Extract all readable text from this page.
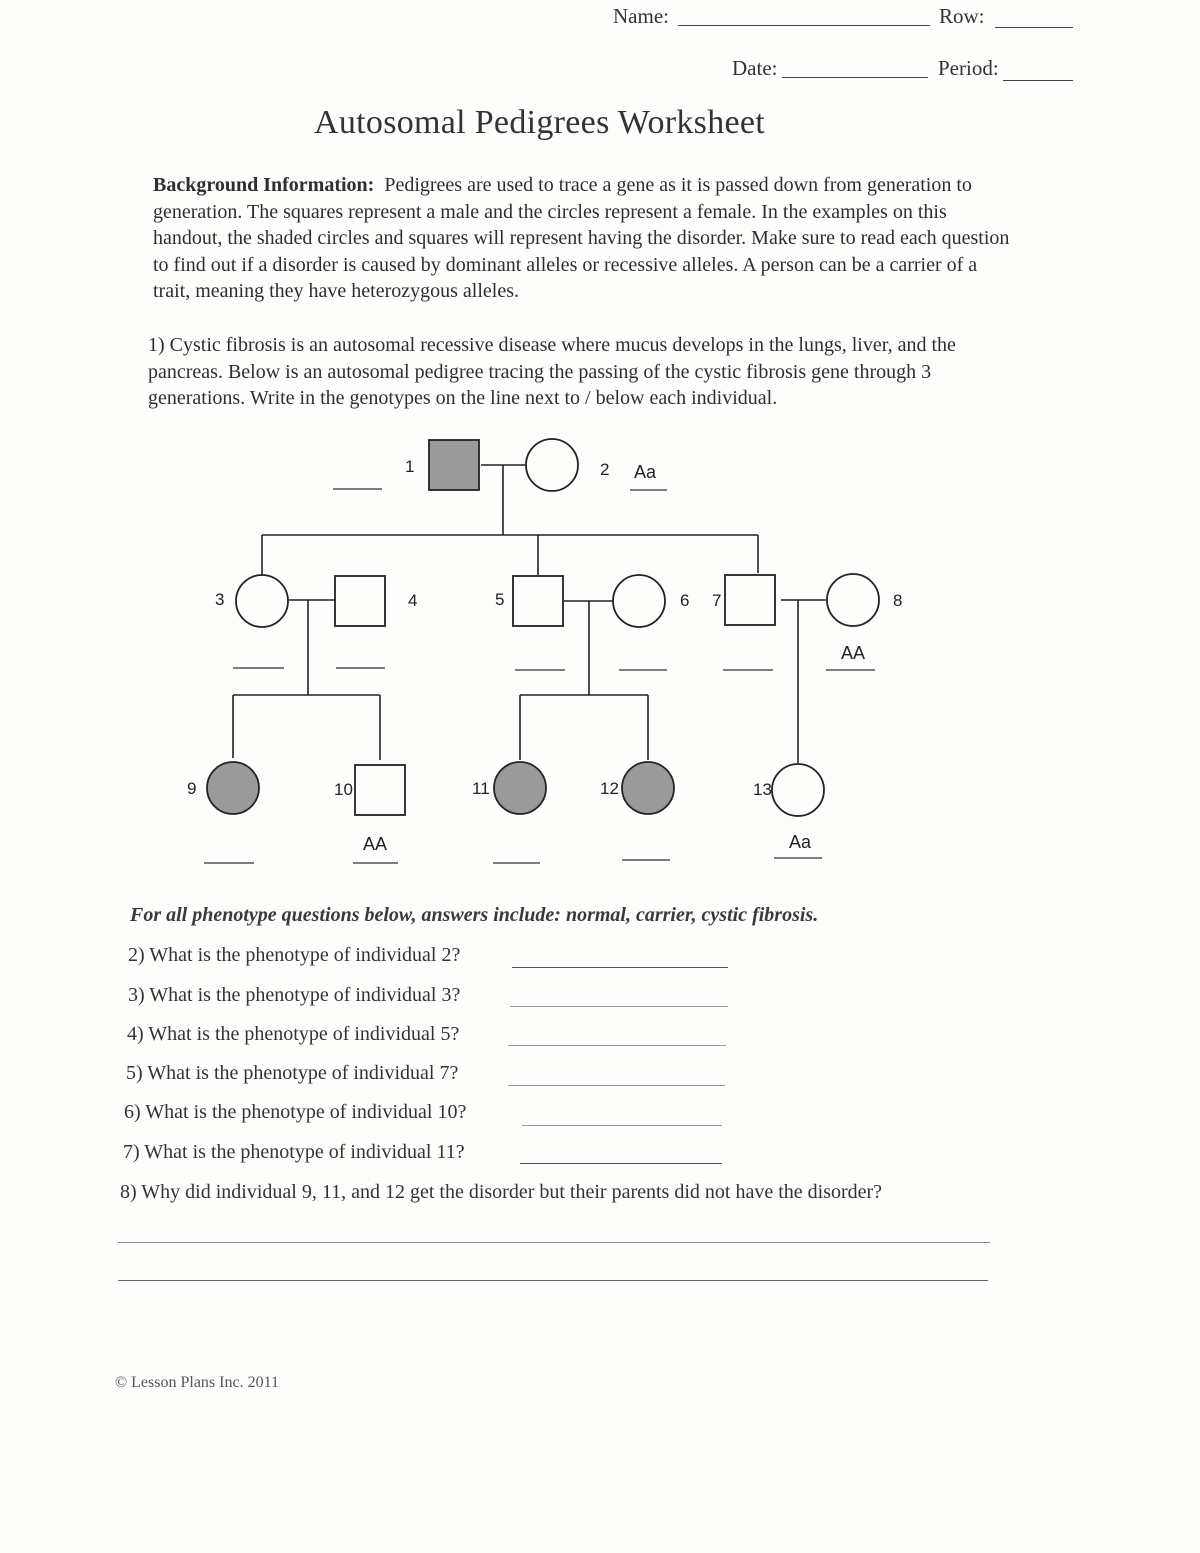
Name:	Row:
Date:	Period:
Autosomal Pedigrees Worksheet
Background Information: Pedigrees are used to trace a gene as it is passed down from generation to generation. The squares represent a male and the circles represent a female. In the examples on this handout, the shaded circles and squares will represent having the disorder. Make sure to read each question to find out if a disorder is caused by dominant alleles or recessive alleles. A person can be a carrier of a trait, meaning they have heterozygous alleles.
1) Cystic fibrosis is an autosomal recessive disease where mucus develops in the lungs, liver, and the pancreas. Below is an autosomal pedigree tracing the passing of the cystic fibrosis gene through 3 generations. Write in the genotypes on the line next to / below each individual.
1	2 Aa
3	4	5	6 7	8
AA
9	10
AA
11	12	13
Aa
For all phenotype questions below, answers include: normal, carrier, cystic fibrosis.
2) What is the phenotype of individual 2?
3) What is the phenotype of individual 3?
4) What is the phenotype of individual 5?
5) What is the phenotype of individual 7?
6) What is the phenotype of individual 10?
7) What is the phenotype of individual 11?
8) Why did individual 9, 11, and 12 get the disorder but their parents did not have the disorder?
© Lesson Plans Inc. 2011
